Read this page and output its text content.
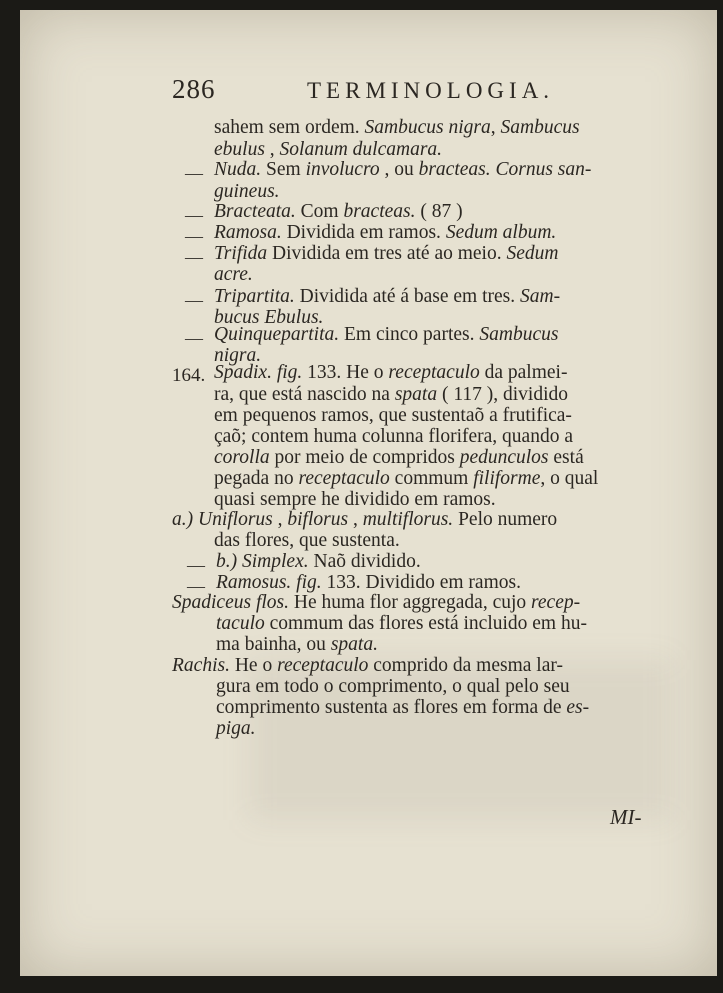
286	TERMINOLOGIA.
sahem sem ordem. Sambucus nigra, Sambucus
ebulus , Solanum dulcamara.
— Nuda. Sem involucro , ou bracteas. Cornus san-
guineus.
— Bracteata. Com bracteas. ( 87 )
— Ramosa. Dividida em ramos. Sedum album.
— Trifida Dividida em tres até ao meio. Sedum
acre.
— Tripartita. Dividida até á base em tres. Sam-
bucus Ebulus.
— Quinquepartita. Em cinco partes. Sambucus
nigra.
164. Spadix. fig. 133. He o receptaculo da palmei-
ra, que está nascido na spata ( 117 ), dividido
em pequenos ramos, que sustentaõ a frutifica-
çaõ; contem huma colunna florifera, quando a
corolla por meio de compridos pedunculos está
pegada no receptaculo commum filiforme, o qual
quasi sempre he dividido em ramos.
a.) Uniflorus , biflorus , multiflorus. Pelo numero
das flores, que sustenta.
— b.) Simplex. Naõ dividido.
— Ramosus. fig. 133. Dividido em ramos.
Spadiceus flos. He huma flor aggregada, cujo recep-
taculo commum das flores está incluido em hu-
ma bainha, ou spata.
Rachis. He o receptaculo comprido da mesma lar-
gura em todo o comprimento, o qual pelo seu
comprimento sustenta as flores em forma de es-
piga.
MI-
